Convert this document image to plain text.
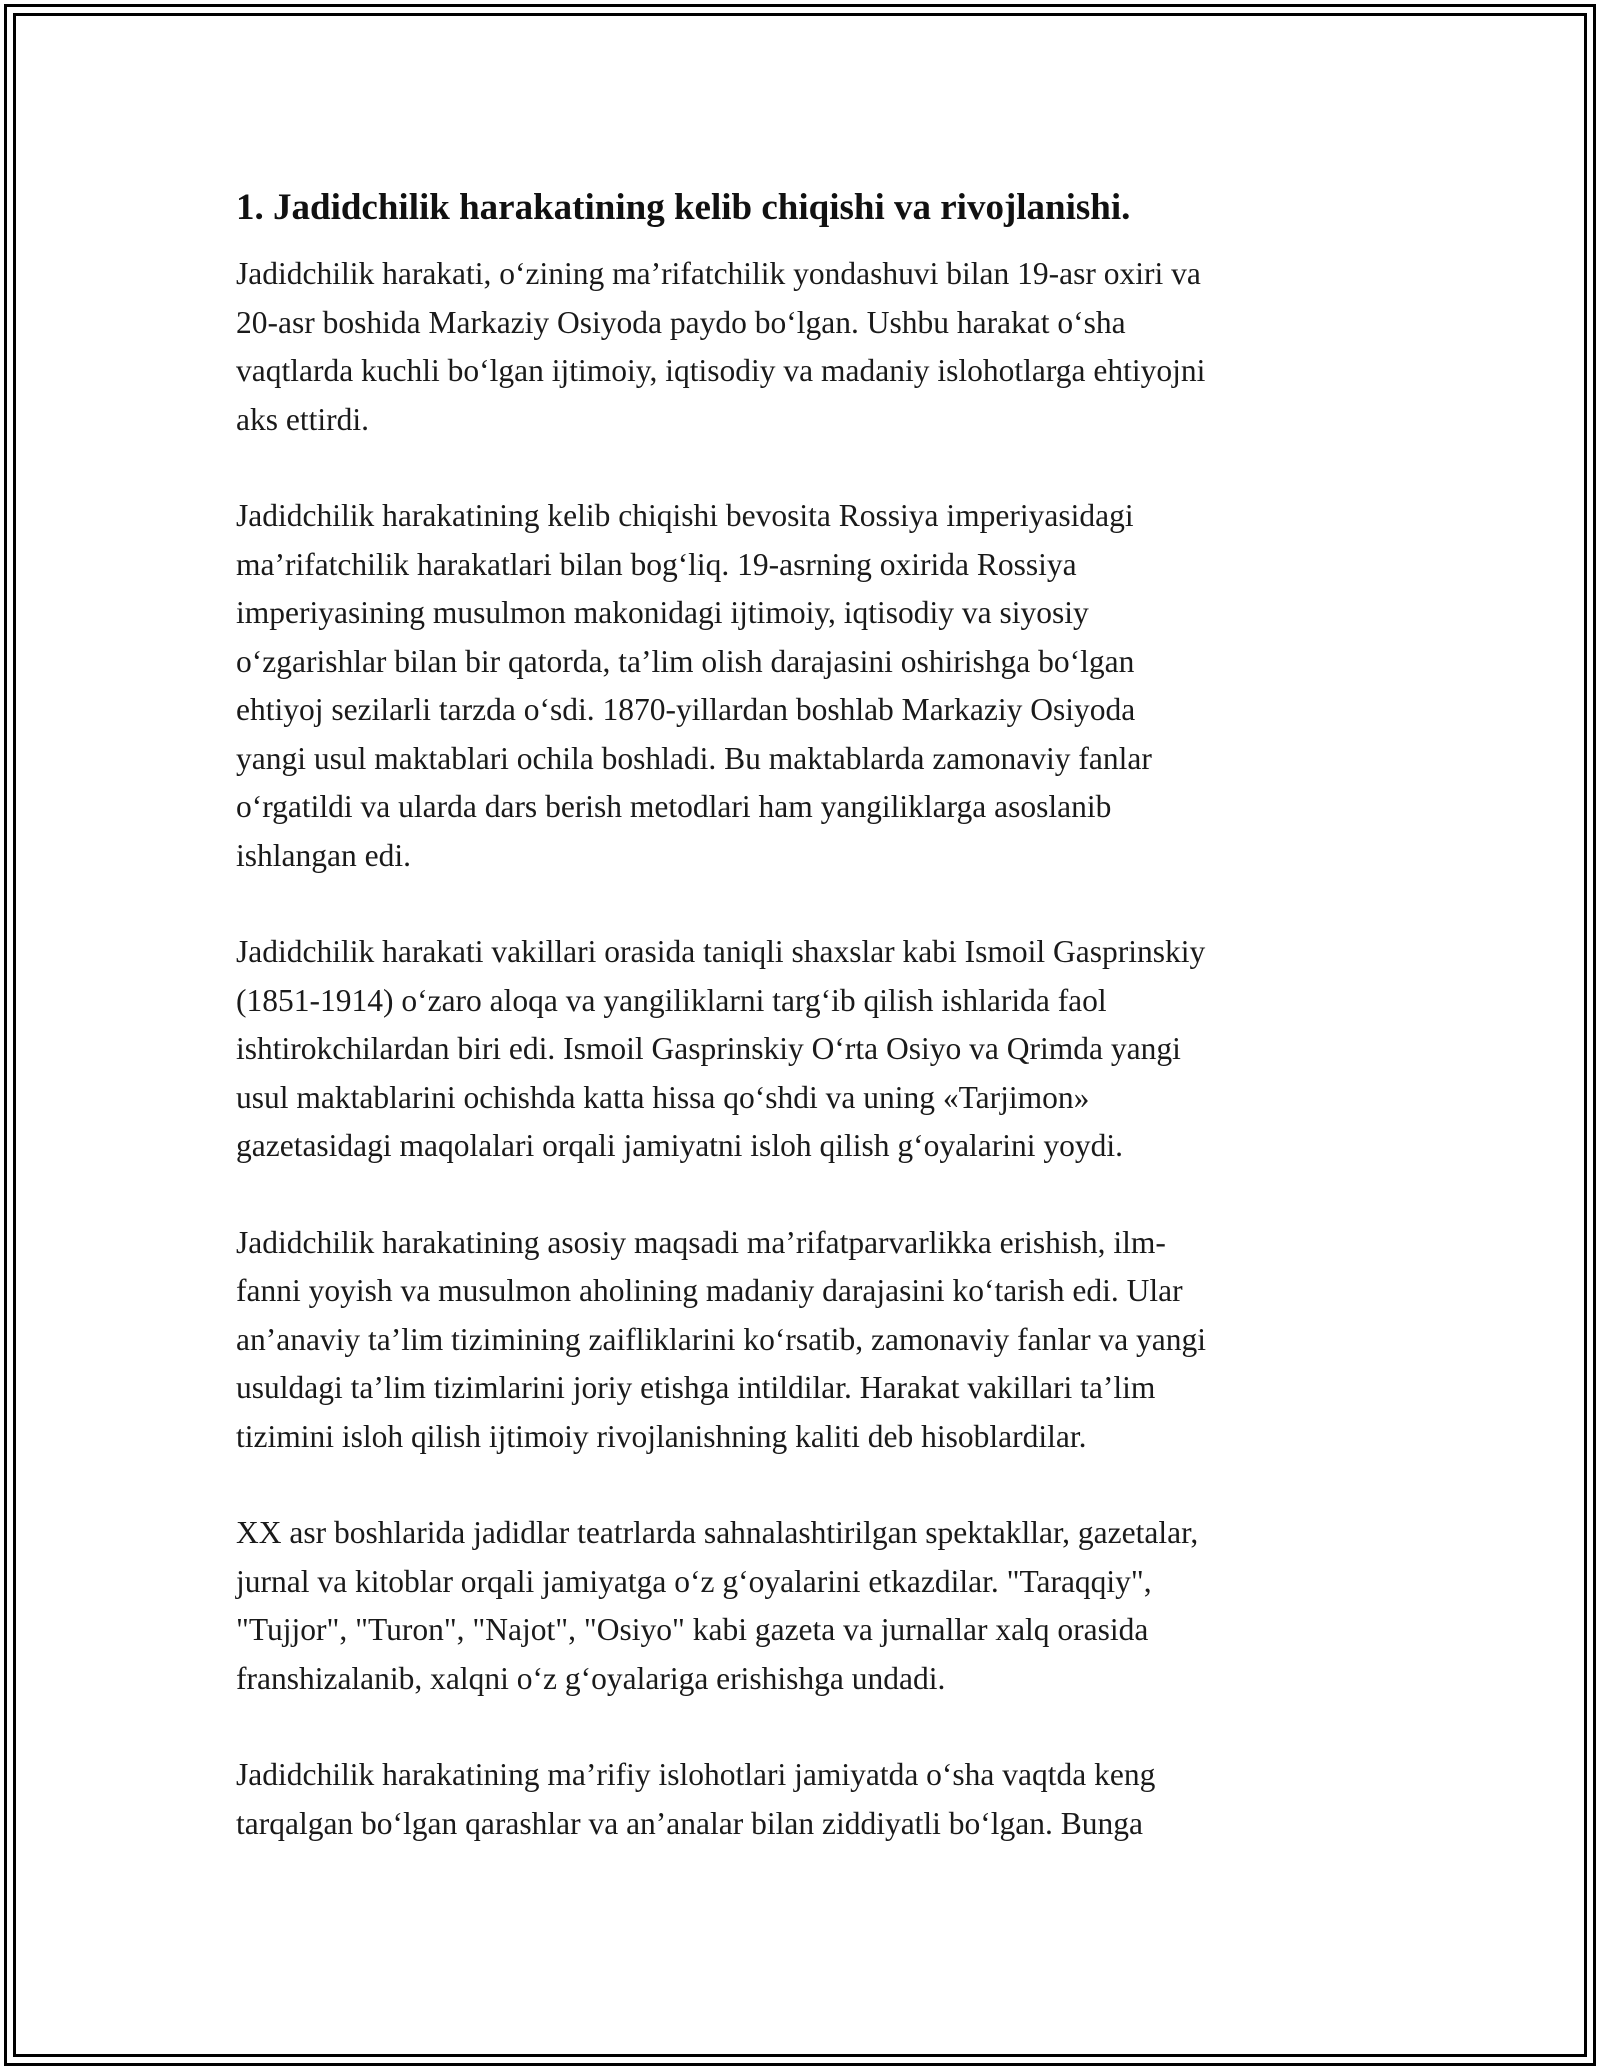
1. Jadidchilik harakatining kelib chiqishi va rivojlanishi.

Jadidchilik harakati, o‘zining ma’rifatchilik yondashuvi bilan 19-asr oxiri va
20-asr boshida Markaziy Osiyoda paydo bo‘lgan. Ushbu harakat o‘sha
vaqtlarda kuchli bo‘lgan ijtimoiy, iqtisodiy va madaniy islohotlarga ehtiyojni
aks ettirdi.

Jadidchilik harakatining kelib chiqishi bevosita Rossiya imperiyasidagi
ma’rifatchilik harakatlari bilan bog‘liq. 19-asrning oxirida Rossiya
imperiyasining musulmon makonidagi ijtimoiy, iqtisodiy va siyosiy
o‘zgarishlar bilan bir qatorda, ta’lim olish darajasini oshirishga bo‘lgan
ehtiyoj sezilarli tarzda o‘sdi. 1870-yillardan boshlab Markaziy Osiyoda
yangi usul maktablari ochila boshladi. Bu maktablarda zamonaviy fanlar
o‘rgatildi va ularda dars berish metodlari ham yangiliklarga asoslanib
ishlangan edi.

Jadidchilik harakati vakillari orasida taniqli shaxslar kabi Ismoil Gasprinskiy
(1851-1914) o‘zaro aloqa va yangiliklarni targ‘ib qilish ishlarida faol
ishtirokchilardan biri edi. Ismoil Gasprinskiy O‘rta Osiyo va Qrimda yangi
usul maktablarini ochishda katta hissa qo‘shdi va uning «Tarjimon»
gazetasidagi maqolalari orqali jamiyatni isloh qilish g‘oyalarini yoydi.

Jadidchilik harakatining asosiy maqsadi ma’rifatparvarlikka erishish, ilm-
fanni yoyish va musulmon aholining madaniy darajasini ko‘tarish edi. Ular
an’anaviy ta’lim tizimining zaifliklarini ko‘rsatib, zamonaviy fanlar va yangi
usuldagi ta’lim tizimlarini joriy etishga intildilar. Harakat vakillari ta’lim
tizimini isloh qilish ijtimoiy rivojlanishning kaliti deb hisoblardilar.

XX asr boshlarida jadidlar teatrlarda sahnalashtirilgan spektakllar, gazetalar,
jurnal va kitoblar orqali jamiyatga o‘z g‘oyalarini etkazdilar. "Taraqqiy",
"Tujjor", "Turon", "Najot", "Osiyo" kabi gazeta va jurnallar xalq orasida
franshizalanib, xalqni o‘z g‘oyalariga erishishga undadi.

Jadidchilik harakatining ma’rifiy islohotlari jamiyatda o‘sha vaqtda keng
tarqalgan bo‘lgan qarashlar va an’analar bilan ziddiyatli bo‘lgan. Bunga
